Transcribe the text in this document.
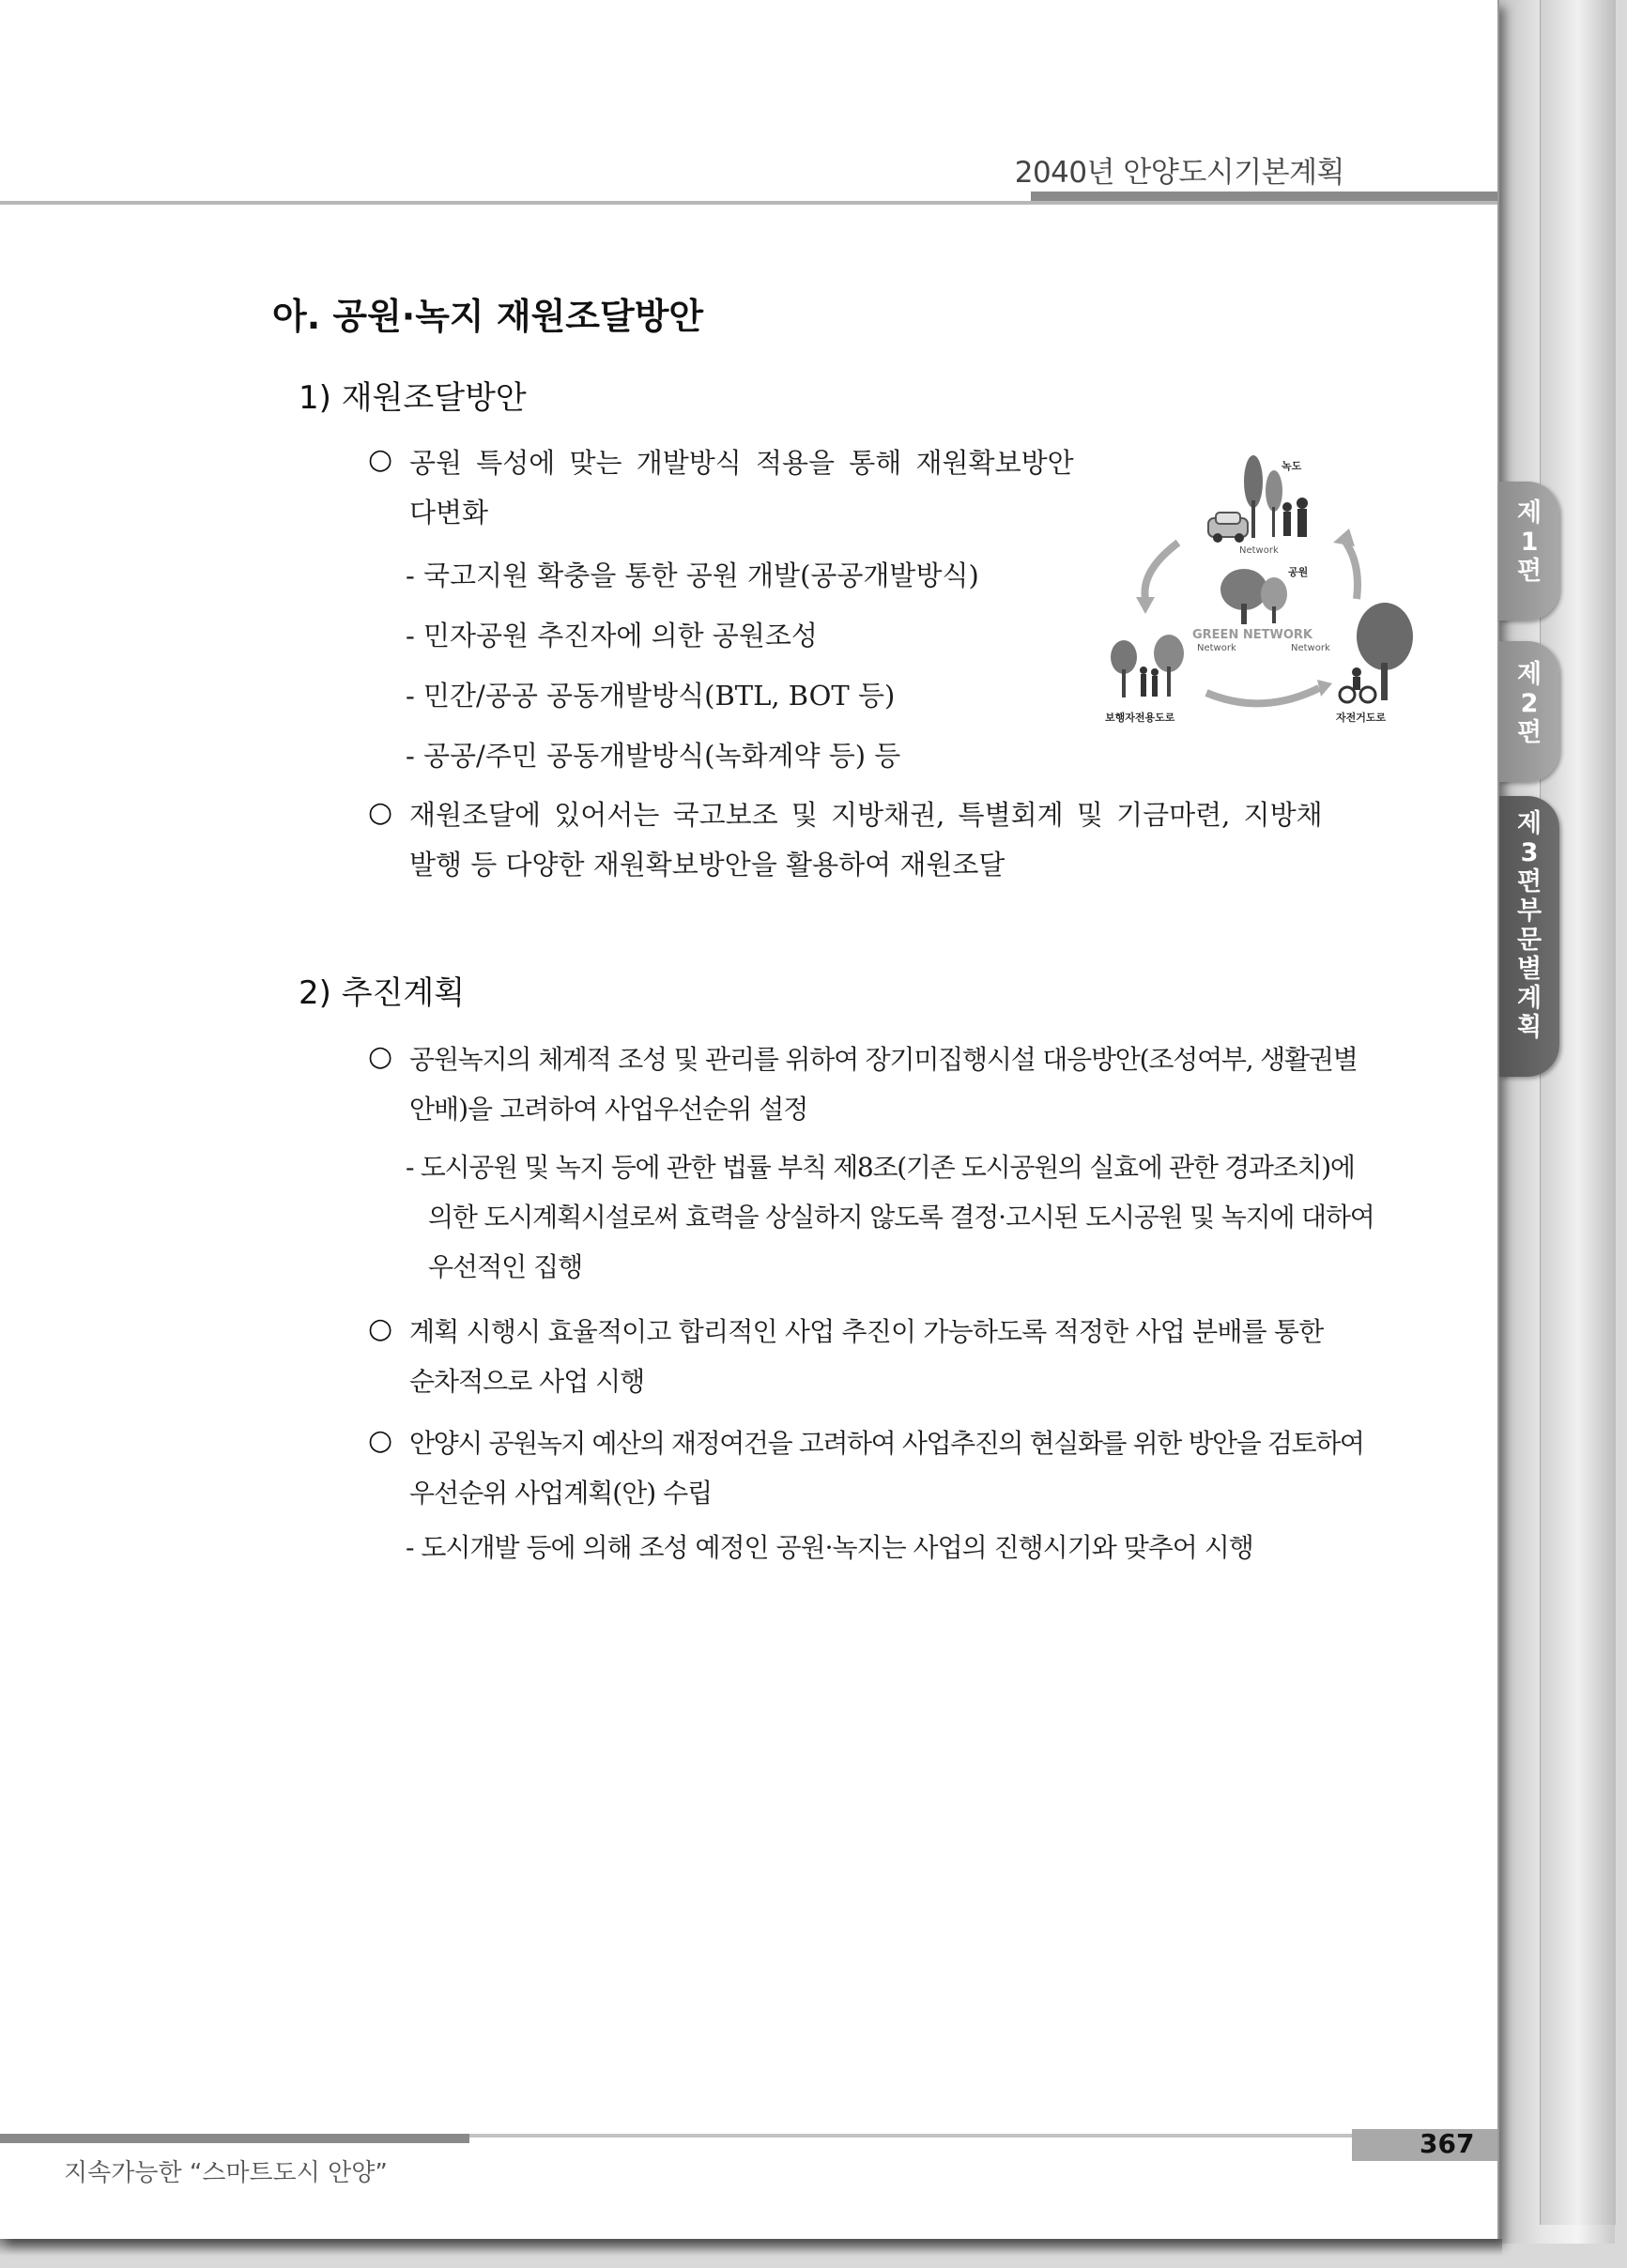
2040년 안양도시기본계획
아. 공원·녹지 재원조달방안
1) 재원조달방안
○ 공원 특성에 맞는 개발방식 적용을 통해 재원확보방안
다변화
- 국고지원 확충을 통한 공원 개발(공공개발방식)
- 민자공원 추진자에 의한 공원조성
- 민간/공공 공동개발방식(BTL, BOT 등)
- 공공/주민 공동개발방식(녹화계약 등) 등
○ 재원조달에 있어서는 국고보조 및 지방채권, 특별회계 및 기금마련, 지방채
발행 등 다양한 재원확보방안을 활용하여 재원조달
녹도
Network
공원
GREEN NETWORK
Network	Network
보행자전용도로	자전거도로
2) 추진계획
○ 공원녹지의 체계적 조성 및 관리를 위하여 장기미집행시설 대응방안(조성여부, 생활권별
안배)을 고려하여 사업우선순위 설정
- 도시공원 및 녹지 등에 관한 법률 부칙 제8조(기존 도시공원의 실효에 관한 경과조치)에
의한 도시계획시설로써 효력을 상실하지 않도록 결정·고시된 도시공원 및 녹지에 대하여
우선적인 집행
○ 계획 시행시 효율적이고 합리적인 사업 추진이 가능하도록 적정한 사업 분배를 통한
순차적으로 사업 시행
○ 안양시 공원녹지 예산의 재정여건을 고려하여 사업추진의 현실화를 위한 방안을 검토하여
우선순위 사업계획(안) 수립
- 도시개발 등에 의해 조성 예정인 공원·녹지는 사업의 진행시기와 맞추어 시행
367
지속가능한 “스마트도시 안양”
제
1
편
제
2
편
제
3
편
부
문
별
계
획
